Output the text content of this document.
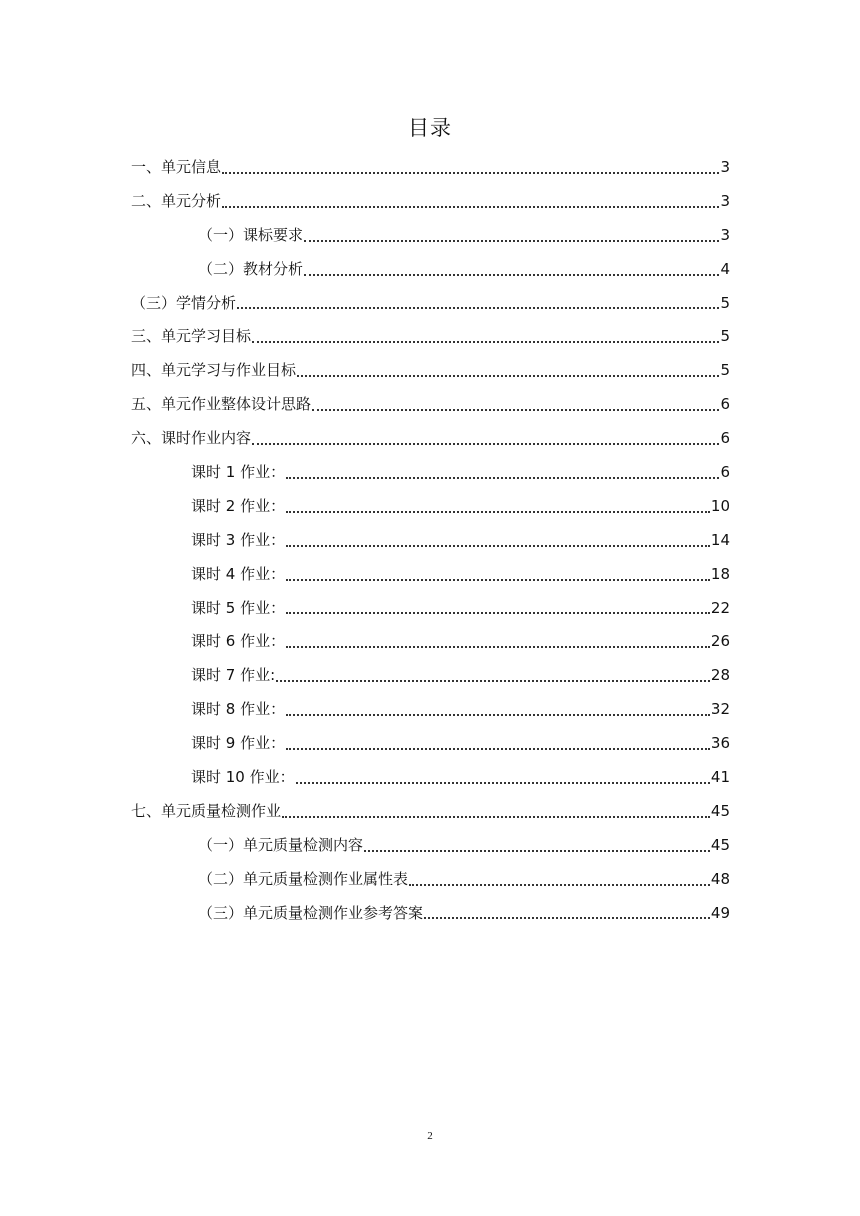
目录
一、单元信息	3
二、单元分析	3
（一）课标要求	3
（二）教材分析	4
（三）学情分析	5
三、单元学习目标	5
四、单元学习与作业目标	5
五、单元作业整体设计思路	6
六、课时作业内容	6
课时 1 作业：	6
课时 2 作业：	10
课时 3 作业：	14
课时 4 作业：	18
课时 5 作业：	22
课时 6 作业：	26
课时 7 作业:	28
课时 8 作业：	32
课时 9 作业：	36
课时 10 作业：	41
七、单元质量检测作业	45
（一）单元质量检测内容	45
（二）单元质量检测作业属性表	48
（三）单元质量检测作业参考答案	49
2
